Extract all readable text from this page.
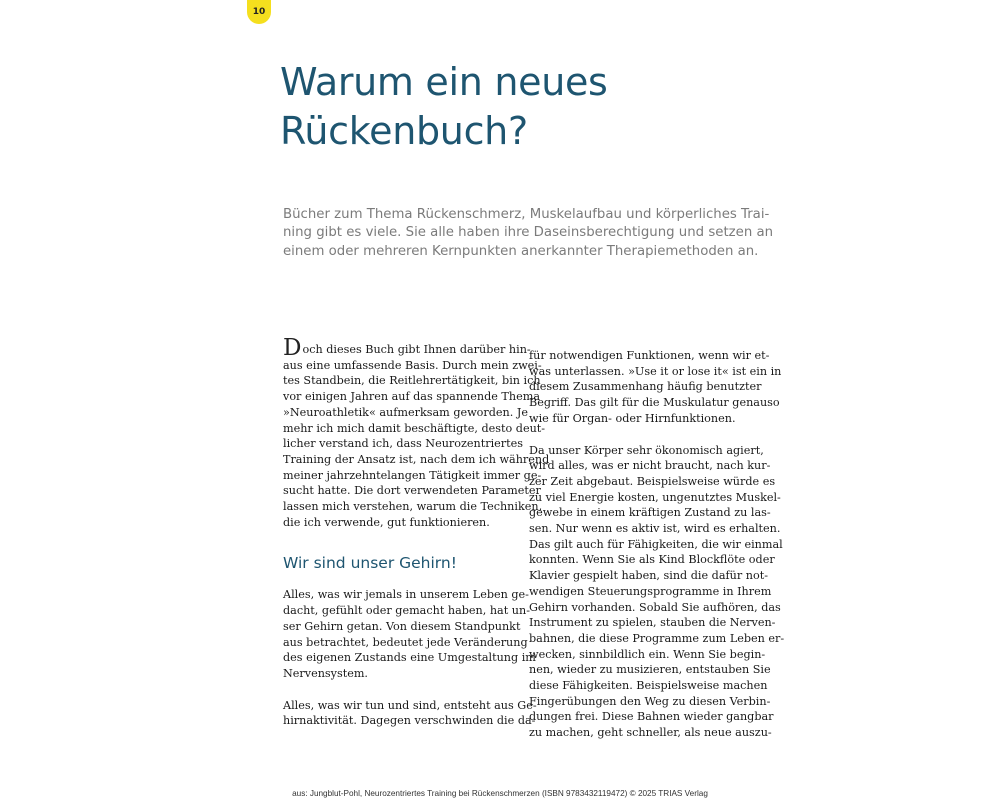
10
Warum ein neues
Rückenbuch?
Bücher zum Thema Rückenschmerz, Muskelaufbau und körperliches Trai-
ning gibt es viele. Sie alle haben ihre Daseinsberechtigung und setzen an
einem oder mehreren Kernpunkten anerkannter Therapiemethoden an.
Doch dieses Buch gibt Ihnen darüber hin-
aus eine umfassende Basis. Durch mein zwei-
tes Standbein, die Reitlehrertätigkeit, bin ich
vor einigen Jahren auf das spannende Thema
»Neuroathletik« aufmerksam geworden. Je
mehr ich mich damit beschäftigte, desto deut-
licher verstand ich, dass Neurozentriertes
Training der Ansatz ist, nach dem ich während
meiner jahrzehntelangen Tätigkeit immer ge-
sucht hatte. Die dort verwendeten Parameter
lassen mich verstehen, warum die Techniken,
die ich verwende, gut funktionieren.
Wir sind unser Gehirn!
Alles, was wir jemals in unserem Leben ge-
dacht, gefühlt oder gemacht haben, hat un-
ser Gehirn getan. Von diesem Standpunkt
aus betrachtet, bedeutet jede Veränderung
des eigenen Zustands eine Umgestaltung im
Nervensystem.
Alles, was wir tun und sind, entsteht aus Ge-
hirnaktivität. Dagegen verschwinden die da-
für notwendigen Funktionen, wenn wir et-
was unterlassen. »Use it or lose it« ist ein in
diesem Zusammenhang häufig benutzter
Begriff. Das gilt für die Muskulatur genauso
wie für Organ- oder Hirnfunktionen.
Da unser Körper sehr ökonomisch agiert,
wird alles, was er nicht braucht, nach kur-
zer Zeit abgebaut. Beispielsweise würde es
zu viel Energie kosten, ungenutztes Muskel-
gewebe in einem kräftigen Zustand zu las-
sen. Nur wenn es aktiv ist, wird es erhalten.
Das gilt auch für Fähigkeiten, die wir einmal
konnten. Wenn Sie als Kind Blockflöte oder
Klavier gespielt haben, sind die dafür not-
wendigen Steuerungsprogramme in Ihrem
Gehirn vorhanden. Sobald Sie aufhören, das
Instrument zu spielen, stauben die Nerven-
bahnen, die diese Programme zum Leben er-
wecken, sinnbildlich ein. Wenn Sie begin-
nen, wieder zu musizieren, entstauben Sie
diese Fähigkeiten. Beispielsweise machen
Fingerübungen den Weg zu diesen Verbin-
dungen frei. Diese Bahnen wieder gangbar
zu machen, geht schneller, als neue auszu-
aus: Jungblut-Pohl, Neurozentriertes Training bei Rückenschmerzen (ISBN 9783432119472) © 2025 TRIAS Verlag
